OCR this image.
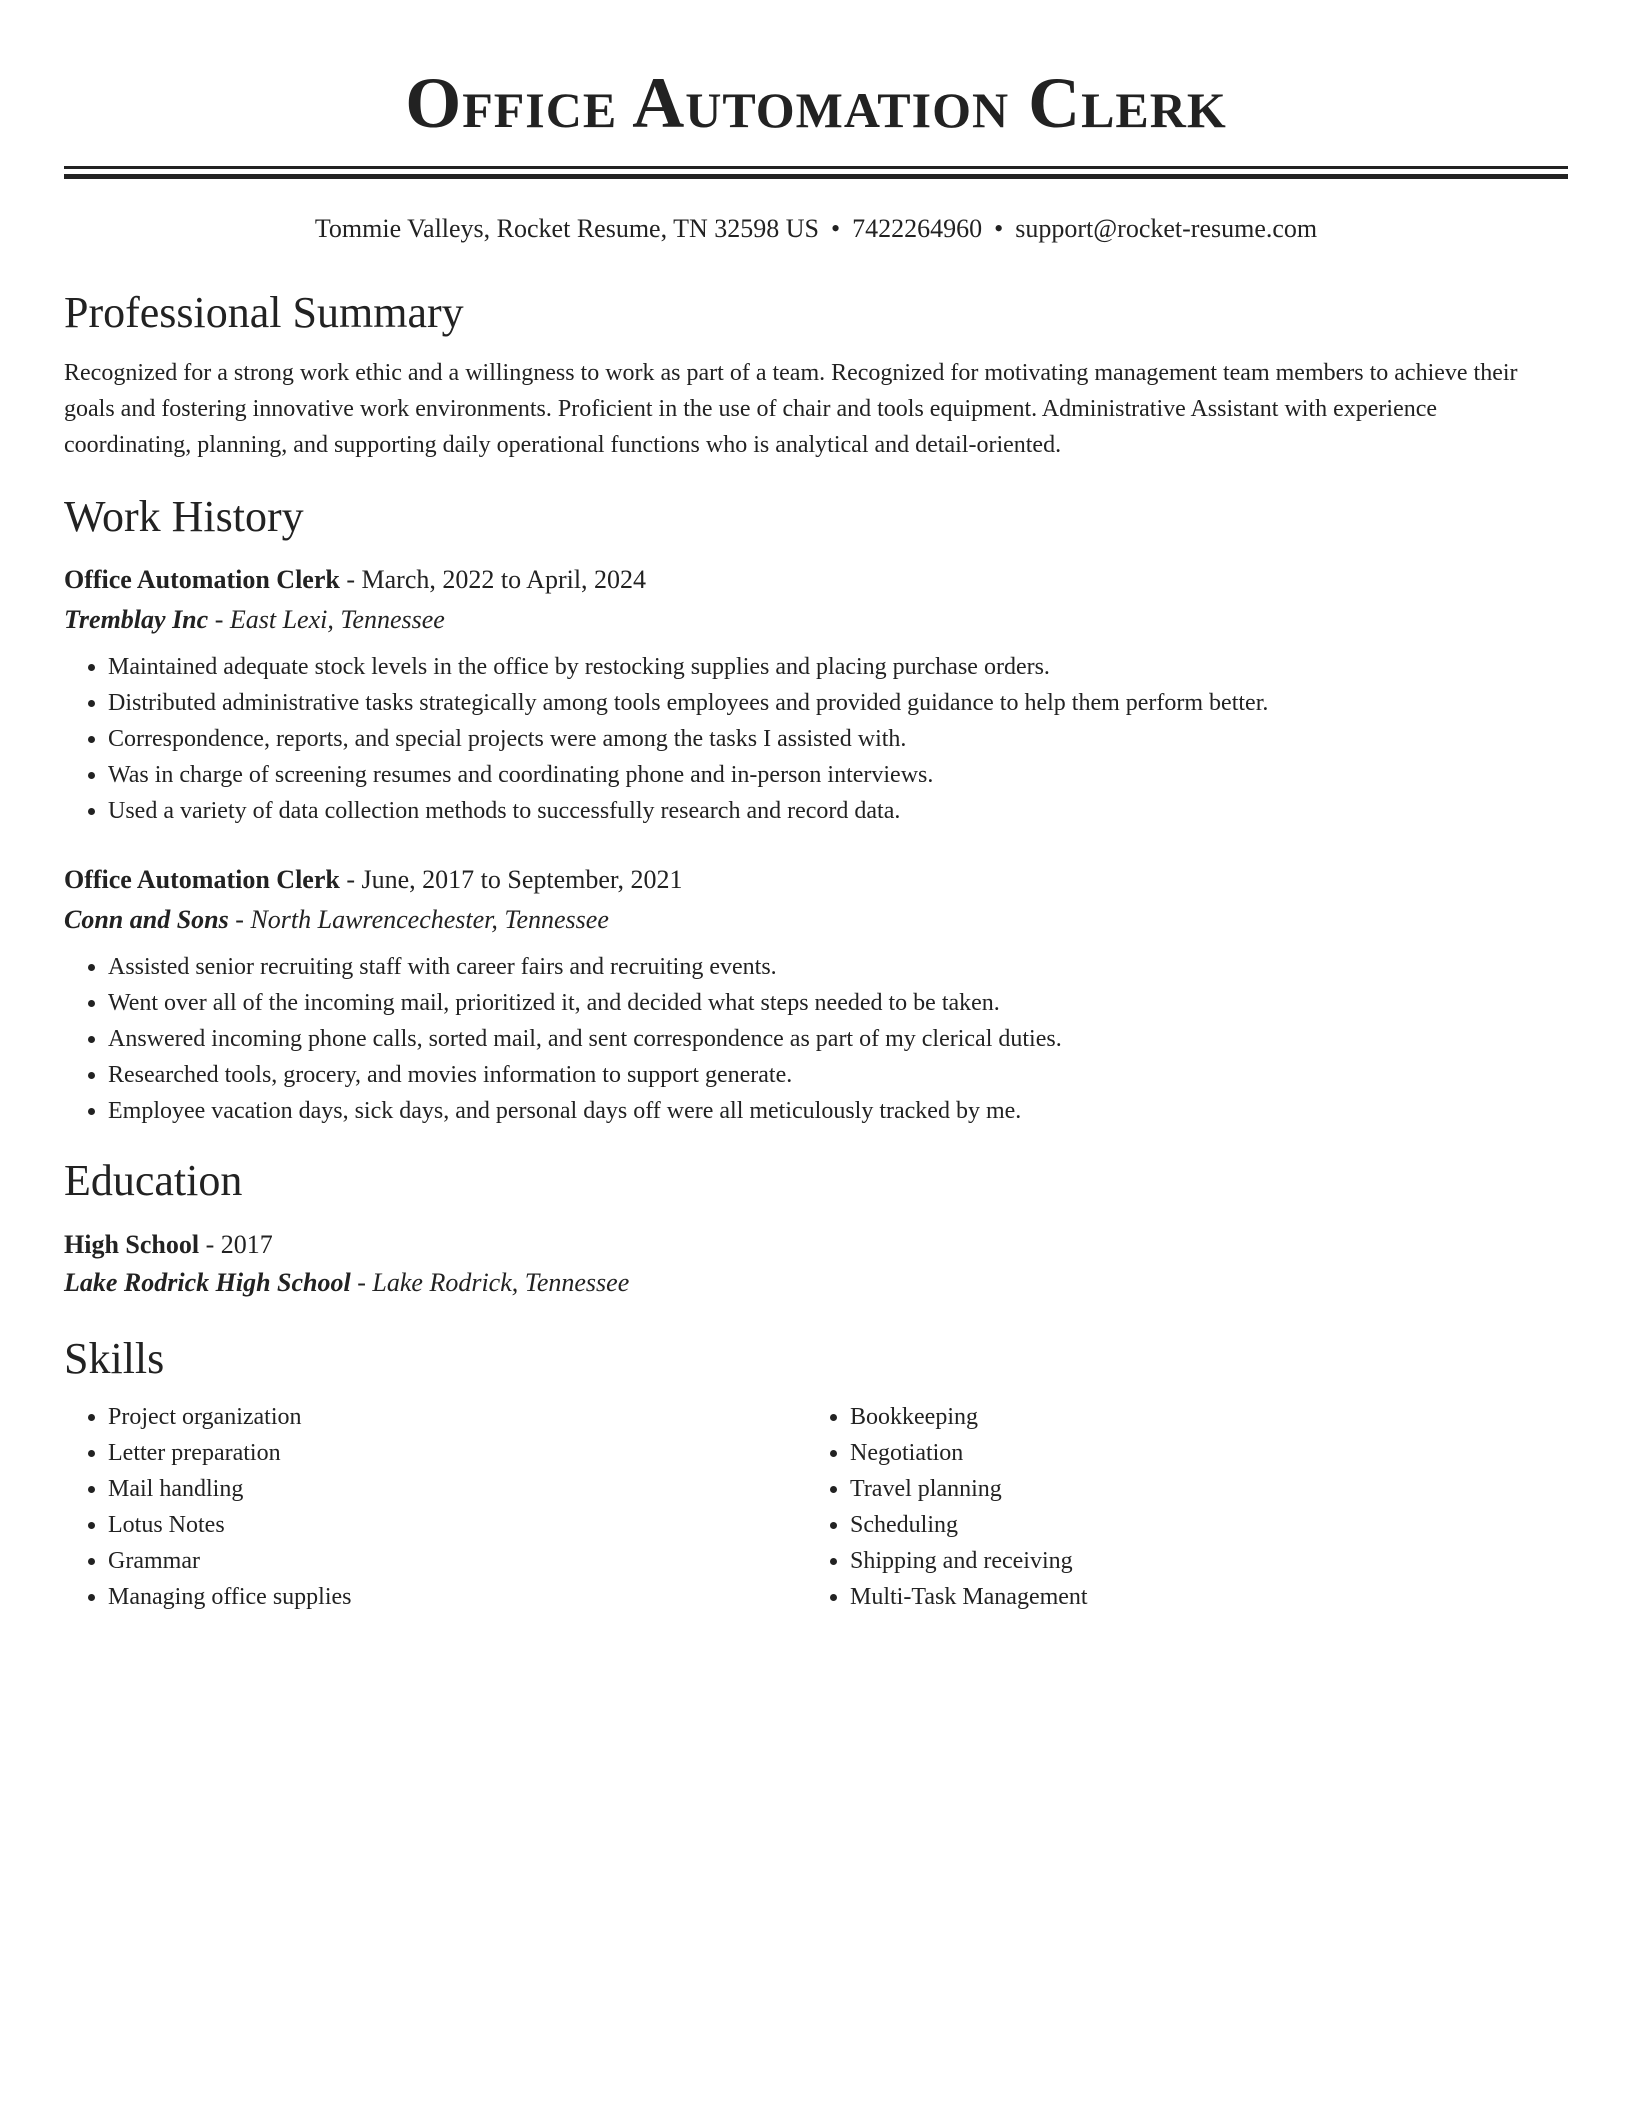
Office Automation Clerk
Tommie Valleys, Rocket Resume, TN 32598 US • 7422264960 • support@rocket-resume.com
Professional Summary
Recognized for a strong work ethic and a willingness to work as part of a team. Recognized for motivating management team members to achieve their goals and fostering innovative work environments. Proficient in the use of chair and tools equipment. Administrative Assistant with experience coordinating, planning, and supporting daily operational functions who is analytical and detail-oriented.
Work History
Office Automation Clerk - March, 2022 to April, 2024
Tremblay Inc - East Lexi, Tennessee
• Maintained adequate stock levels in the office by restocking supplies and placing purchase orders.
• Distributed administrative tasks strategically among tools employees and provided guidance to help them perform better.
• Correspondence, reports, and special projects were among the tasks I assisted with.
• Was in charge of screening resumes and coordinating phone and in-person interviews.
• Used a variety of data collection methods to successfully research and record data.
Office Automation Clerk - June, 2017 to September, 2021
Conn and Sons - North Lawrencechester, Tennessee
• Assisted senior recruiting staff with career fairs and recruiting events.
• Went over all of the incoming mail, prioritized it, and decided what steps needed to be taken.
• Answered incoming phone calls, sorted mail, and sent correspondence as part of my clerical duties.
• Researched tools, grocery, and movies information to support generate.
• Employee vacation days, sick days, and personal days off were all meticulously tracked by me.
Education
High School - 2017
Lake Rodrick High School - Lake Rodrick, Tennessee
Skills
• Project organization
• Letter preparation
• Mail handling
• Lotus Notes
• Grammar
• Managing office supplies
• Bookkeeping
• Negotiation
• Travel planning
• Scheduling
• Shipping and receiving
• Multi-Task Management
